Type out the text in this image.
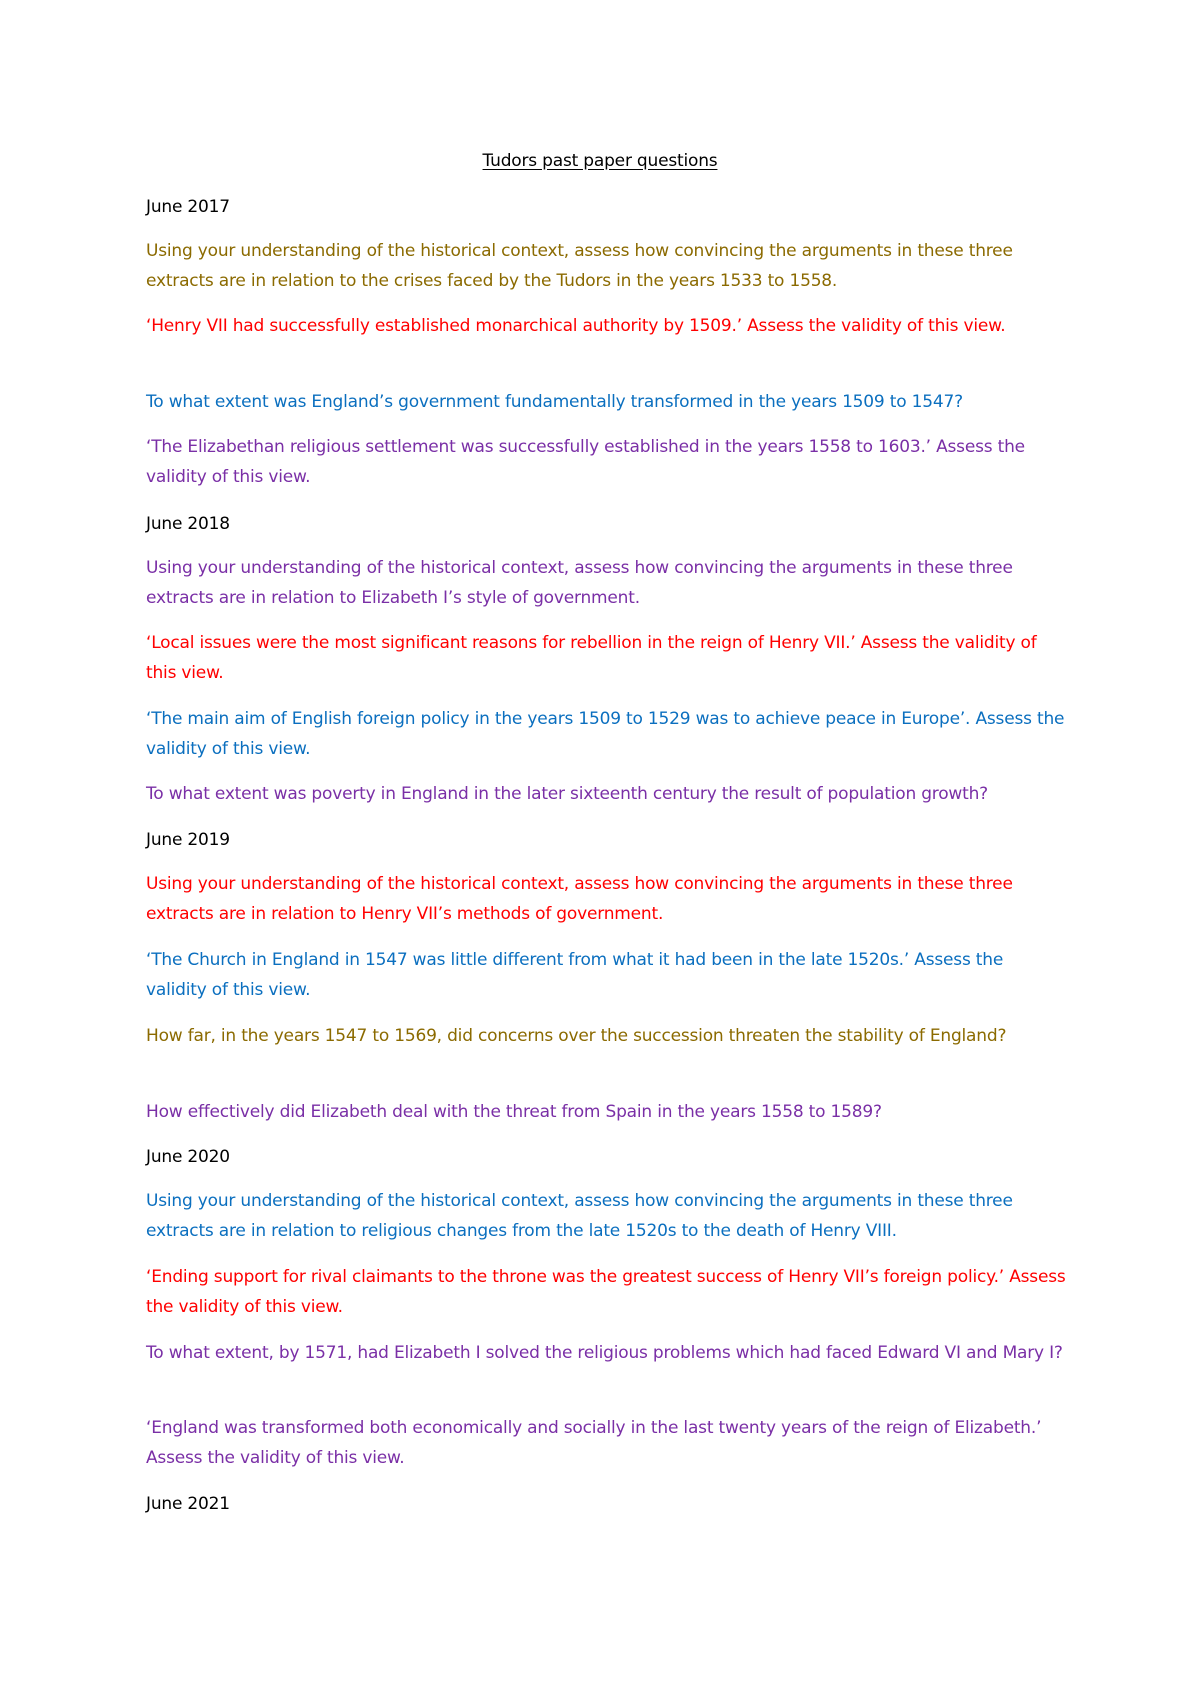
Tudors past paper questions

June 2017

Using your understanding of the historical context, assess how convincing the arguments in these three extracts are in relation to the crises faced by the Tudors in the years 1533 to 1558.

‘Henry VII had successfully established monarchical authority by 1509.’ Assess the validity of this view.

To what extent was England’s government fundamentally transformed in the years 1509 to 1547?

‘The Elizabethan religious settlement was successfully established in the years 1558 to 1603.’ Assess the validity of this view.

June 2018

Using your understanding of the historical context, assess how convincing the arguments in these three extracts are in relation to Elizabeth I’s style of government.

‘Local issues were the most significant reasons for rebellion in the reign of Henry VII.’ Assess the validity of this view.

‘The main aim of English foreign policy in the years 1509 to 1529 was to achieve peace in Europe’. Assess the validity of this view.

To what extent was poverty in England in the later sixteenth century the result of population growth?

June 2019

Using your understanding of the historical context, assess how convincing the arguments in these three extracts are in relation to Henry VII’s methods of government.

‘The Church in England in 1547 was little different from what it had been in the late 1520s.’ Assess the validity of this view.

How far, in the years 1547 to 1569, did concerns over the succession threaten the stability of England?

How effectively did Elizabeth deal with the threat from Spain in the years 1558 to 1589?

June 2020

Using your understanding of the historical context, assess how convincing the arguments in these three extracts are in relation to religious changes from the late 1520s to the death of Henry VIII.

‘Ending support for rival claimants to the throne was the greatest success of Henry VII’s foreign policy.’ Assess the validity of this view.

To what extent, by 1571, had Elizabeth I solved the religious problems which had faced Edward VI and Mary I?

‘England was transformed both economically and socially in the last twenty years of the reign of Elizabeth.’ Assess the validity of this view.

June 2021
